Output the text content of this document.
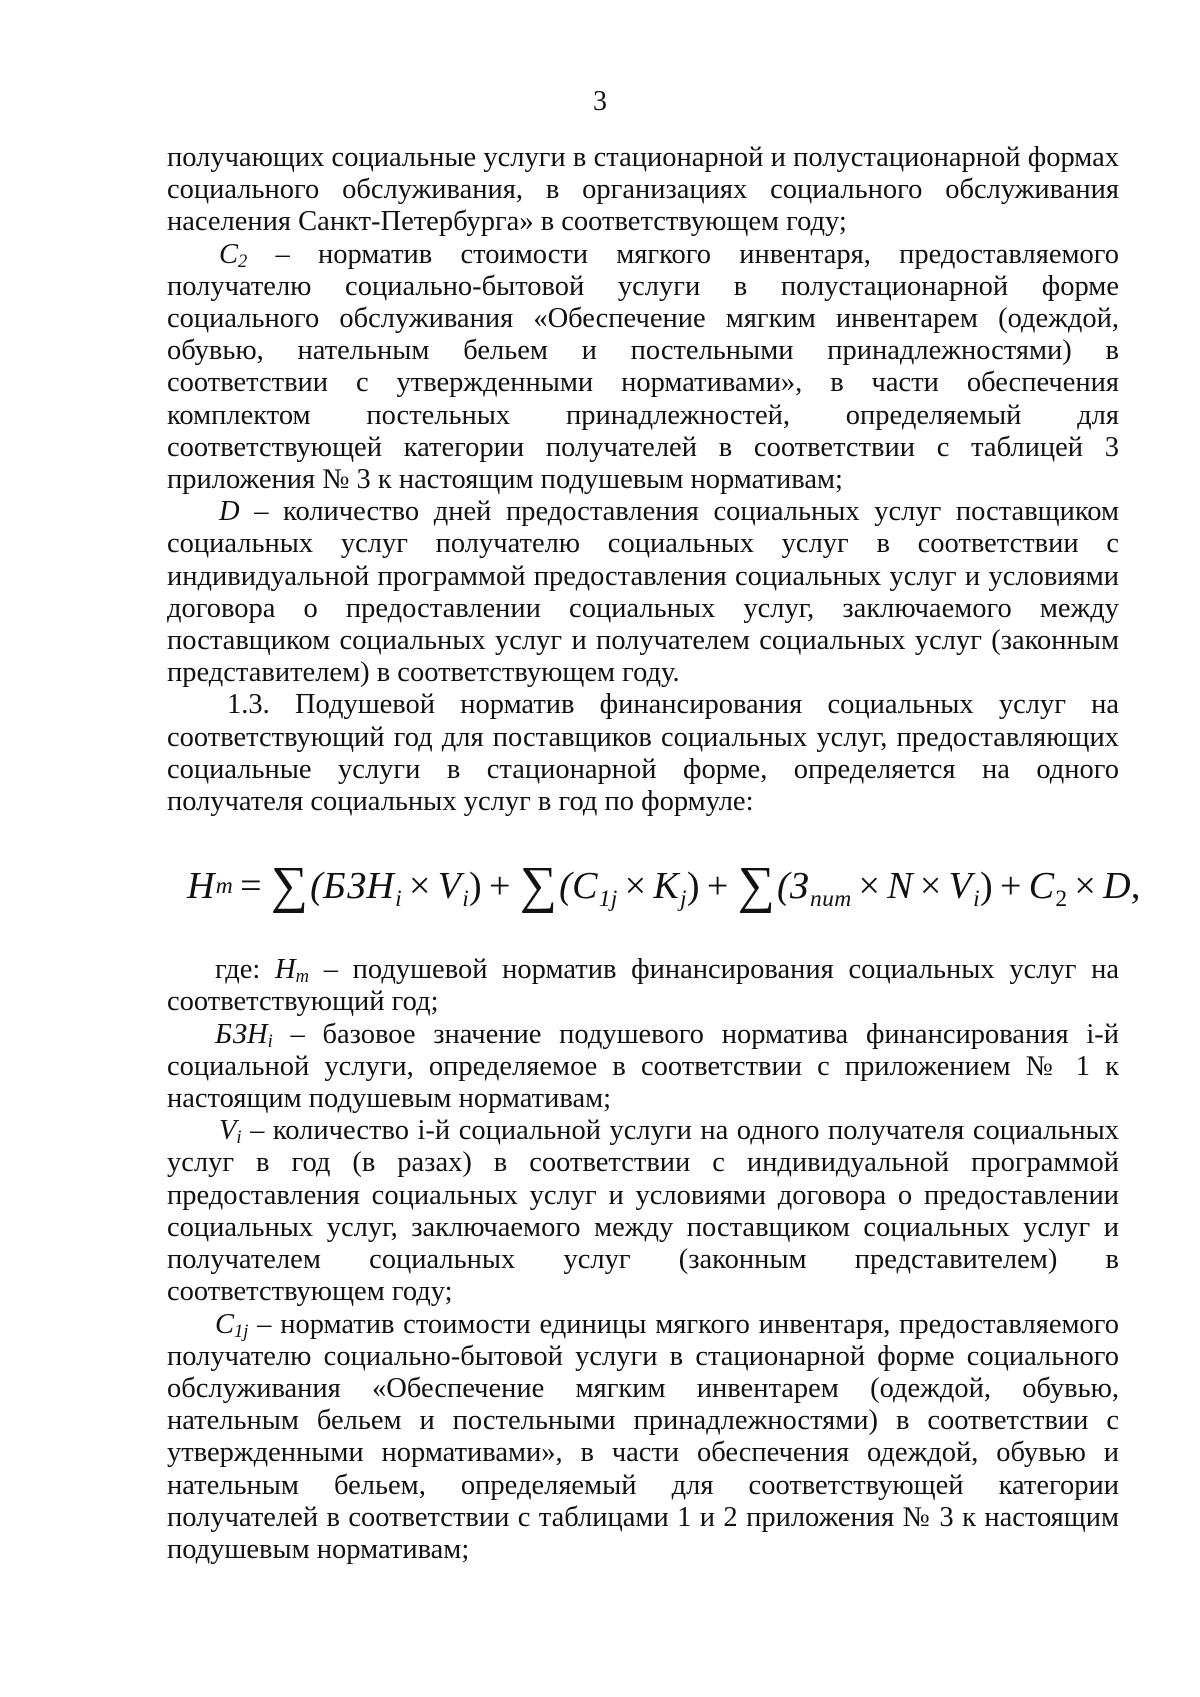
3

получающих социальные услуги в стационарной и полустационарной формах социального обслуживания, в организациях социального обслуживания населения Санкт-Петербурга» в соответствующем году;

$C_2$ – норматив стоимости мягкого инвентаря, предоставляемого получателю социально-бытовой услуги в полустационарной форме социального обслуживания «Обеспечение мягким инвентарем (одеждой, обувью, нательным бельем и постельными принадлежностями) в соответствии с утвержденными нормативами», в части обеспечения комплектом постельных принадлежностей, определяемый для соответствующей категории получателей в соответствии с таблицей 3 приложения № 3 к настоящим подушевым нормативам;

D – количество дней предоставления социальных услуг поставщиком социальных услуг получателю социальных услуг в соответствии с индивидуальной программой предоставления социальных услуг и условиями договора о предоставлении социальных услуг, заключаемого между поставщиком социальных услуг и получателем социальных услуг (законным представителем) в соответствующем году.

1.3. Подушевой норматив финансирования социальных услуг на соответствующий год для поставщиков социальных услуг, предоставляющих социальные услуги в стационарной форме, определяется на одного получателя социальных услуг в год по формуле:

H m = ∑ $(БЗН_i \times V_i)$ + ∑ $(C_{1j} \times K_j)$ + ∑ $(З_{пит} \times N \times V_i) + C_2 \times D$,

где: $H_m$ – подушевой норматив финансирования социальных услуг на соответствующий год;

$БЗН_i$ – базовое значение подушевого норматива финансирования i-й социальной услуги, определяемое в соответствии с приложением № 1 к настоящим подушевым нормативам;

$V_i$ – количество i-й социальной услуги на одного получателя социальных услуг в год (в разах) в соответствии с индивидуальной программой предоставления социальных услуг и условиями договора о предоставлении социальных услуг, заключаемого между поставщиком социальных услуг и получателем социальных услуг (законным представителем) в соответствующем году;

$C_{1j}$ – норматив стоимости единицы мягкого инвентаря, предоставляемого получателю социально-бытовой услуги в стационарной форме социального обслуживания «Обеспечение мягким инвентарем (одеждой, обувью, нательным бельем и постельными принадлежностями) в соответствии с утвержденными нормативами», в части обеспечения одеждой, обувью и нательным бельем, определяемый для соответствующей категории получателей в соответствии с таблицами 1 и 2 приложения № 3 к настоящим подушевым нормативам;
